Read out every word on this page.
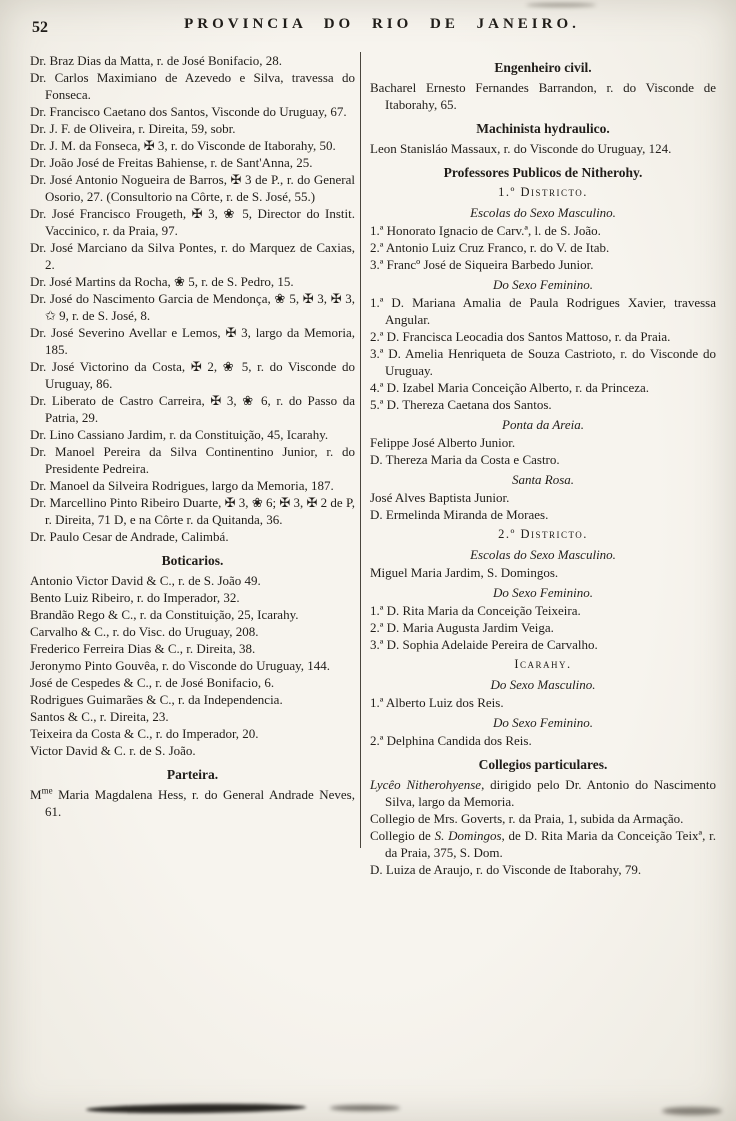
52	PROVINCIA DO RIO DE JANEIRO.

Dr. Braz Dias da Matta, r. de José Bonifacio, 28.

Dr. Carlos Maximiano de Azevedo e Silva, travessa do Fonseca.

Dr. Francisco Caetano dos Santos, Visconde do Uruguay, 67.

Dr. J. F. de Oliveira, r. Direita, 59, sobr.

Dr. J. M. da Fonseca, ✠ 3, r. do Visconde de Itaborahy, 50.

Dr. João José de Freitas Bahiense, r. de Sant'Anna, 25.

Dr. José Antonio Nogueira de Barros, ✠ 3 de P., r. do General Osorio, 27. (Consultorio na Côrte, r. de S. José, 55.)

Dr. José Francisco Frougeth, ✠ 3, ❀ 5, Director do Instit. Vaccinico, r. da Praia, 97.

Dr. José Marciano da Silva Pontes, r. do Marquez de Caxias, 2.

Dr. José Martins da Rocha, ❀ 5, r. de S. Pedro, 15.

Dr. José do Nascimento Garcia de Mendonça, ❀ 5, ✠ 3, ✠ 3, ✩ 9, r. de S. José, 8.

Dr. José Severino Avellar e Lemos, ✠ 3, largo da Memoria, 185.

Dr. José Victorino da Costa, ✠ 2, ❀ 5, r. do Visconde do Uruguay, 86.

Dr. Liberato de Castro Carreira, ✠ 3, ❀ 6, r. do Passo da Patria, 29.

Dr. Lino Cassiano Jardim, r. da Constituição, 45, Icarahy.

Dr. Manoel Pereira da Silva Continentino Junior, r. do Presidente Pedreira.

Dr. Manoel da Silveira Rodrigues, largo da Memoria, 187.

Dr. Marcellino Pinto Ribeiro Duarte, ✠ 3, ❀ 6; ✠ 3, ✠ 2 de P, r. Direita, 71 D, e na Côrte r. da Quitanda, 36.

Dr. Paulo Cesar de Andrade, Calimbá.

Boticarios.

Antonio Victor David & C., r. de S. João 49.

Bento Luiz Ribeiro, r. do Imperador, 32.

Brandão Rego & C., r. da Constituição, 25, Icarahy.

Carvalho & C., r. do Visc. do Uruguay, 208.

Frederico Ferreira Dias & C., r. Direita, 38.

Jeronymo Pinto Gouvêa, r. do Visconde do Uruguay, 144.

José de Cespedes & C., r. de José Bonifacio, 6.

Rodrigues Guimarães & C., r. da Independencia.

Santos & C., r. Direita, 23.

Teixeira da Costa & C., r. do Imperador, 20.

Victor David & C. r. de S. João.

Parteira.

$M^{me}$ Maria Magdalena Hess, r. do General Andrade Neves, 61.

Engenheiro civil.

Bacharel Ernesto Fernandes Barrandon, r. do Visconde de Itaborahy, 65.

Machinista hydraulico.

Leon Stanisláo Massaux, r. do Visconde do Uruguay, 124.

Professores Publicos de Nitherohy.

1.º Districto.

Escolas do Sexo Masculino.

1.ª Honorato Ignacio de Carv.ª, l. de S. João.

2.ª Antonio Luiz Cruz Franco, r. do V. de Itab.

3.ª Francº José de Siqueira Barbedo Junior.

Do Sexo Feminino.

1.ª D. Mariana Amalia de Paula Rodrigues Xavier, travessa Angular.

2.ª D. Francisca Leocadia dos Santos Mattoso, r. da Praia.

3.ª D. Amelia Henriqueta de Souza Castrioto, r. do Visconde do Uruguay.

4.ª D. Izabel Maria Conceição Alberto, r. da Princeza.

5.ª D. Thereza Caetana dos Santos.

Ponta da Areia.

Felippe José Alberto Junior.

D. Thereza Maria da Costa e Castro.

Santa Rosa.

José Alves Baptista Junior.

D. Ermelinda Miranda de Moraes.

2.º Districto.

Escolas do Sexo Masculino.

Miguel Maria Jardim, S. Domingos.

Do Sexo Feminino.

1.ª D. Rita Maria da Conceição Teixeira.

2.ª D. Maria Augusta Jardim Veiga.

3.ª D. Sophia Adelaide Pereira de Carvalho.

Icarahy.

Do Sexo Masculino.

1.ª Alberto Luiz dos Reis.

Do Sexo Feminino.

2.ª Delphina Candida dos Reis.

Collegios particulares.

Lycêo Nitherohyense, dirigido pelo Dr. Antonio do Nascimento Silva, largo da Memoria.

Collegio de Mrs. Goverts, r. da Praia, 1, subida da Armação.

Collegio de S. Domingos, de D. Rita Maria da Conceição Teixª, r. da Praia, 375, S. Dom.

D. Luiza de Araujo, r. do Visconde de Itaborahy, 79.
